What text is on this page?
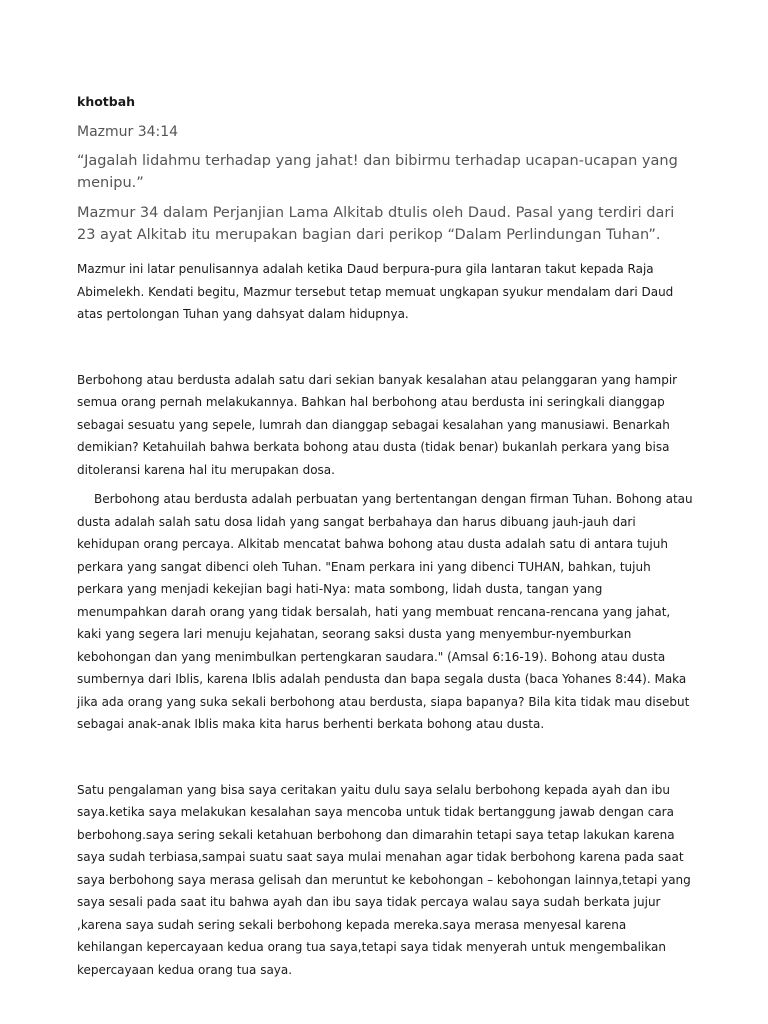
khotbah

Mazmur 34:14

“Jagalah lidahmu terhadap yang jahat! dan bibirmu terhadap ucapan-ucapan yang menipu.”

Mazmur 34 dalam Perjanjian Lama Alkitab dtulis oleh Daud. Pasal yang terdiri dari 23 ayat Alkitab itu merupakan bagian dari perikop “Dalam Perlindungan Tuhan”.

Mazmur ini latar penulisannya adalah ketika Daud berpura-pura gila lantaran takut kepada Raja Abimelekh. Kendati begitu, Mazmur tersebut tetap memuat ungkapan syukur mendalam dari Daud atas pertolongan Tuhan yang dahsyat dalam hidupnya.

Berbohong atau berdusta adalah satu dari sekian banyak kesalahan atau pelanggaran yang hampir semua orang pernah melakukannya. Bahkan hal berbohong atau berdusta ini seringkali dianggap sebagai sesuatu yang sepele, lumrah dan dianggap sebagai kesalahan yang manusiawi. Benarkah demikian? Ketahuilah bahwa berkata bohong atau dusta (tidak benar) bukanlah perkara yang bisa ditoleransi karena hal itu merupakan dosa.

Berbohong atau berdusta adalah perbuatan yang bertentangan dengan firman Tuhan. Bohong atau dusta adalah salah satu dosa lidah yang sangat berbahaya dan harus dibuang jauh-jauh dari kehidupan orang percaya. Alkitab mencatat bahwa bohong atau dusta adalah satu di antara tujuh perkara yang sangat dibenci oleh Tuhan. "Enam perkara ini yang dibenci TUHAN, bahkan, tujuh perkara yang menjadi kekejian bagi hati-Nya: mata sombong, lidah dusta, tangan yang menumpahkan darah orang yang tidak bersalah, hati yang membuat rencana-rencana yang jahat, kaki yang segera lari menuju kejahatan, seorang saksi dusta yang menyembur-nyemburkan kebohongan dan yang menimbulkan pertengkaran saudara." (Amsal 6:16-19). Bohong atau dusta sumbernya dari Iblis, karena Iblis adalah pendusta dan bapa segala dusta (baca Yohanes 8:44). Maka jika ada orang yang suka sekali berbohong atau berdusta, siapa bapanya? Bila kita tidak mau disebut sebagai anak-anak Iblis maka kita harus berhenti berkata bohong atau dusta.

Satu pengalaman yang bisa saya ceritakan yaitu dulu saya selalu berbohong kepada ayah dan ibu saya.ketika saya melakukan kesalahan saya mencoba untuk tidak bertanggung jawab dengan cara berbohong.saya sering sekali ketahuan berbohong dan dimarahin tetapi saya tetap lakukan karena saya sudah terbiasa,sampai suatu saat saya mulai menahan agar tidak berbohong karena pada saat saya berbohong saya merasa gelisah dan meruntut ke kebohongan – kebohongan lainnya,tetapi yang saya sesali pada saat itu bahwa ayah dan ibu saya tidak percaya walau saya sudah berkata jujur ,karena saya sudah sering sekali berbohong kepada mereka.saya merasa menyesal karena kehilangan kepercayaan kedua orang tua saya,tetapi saya tidak menyerah untuk mengembalikan kepercayaan kedua orang tua saya.
